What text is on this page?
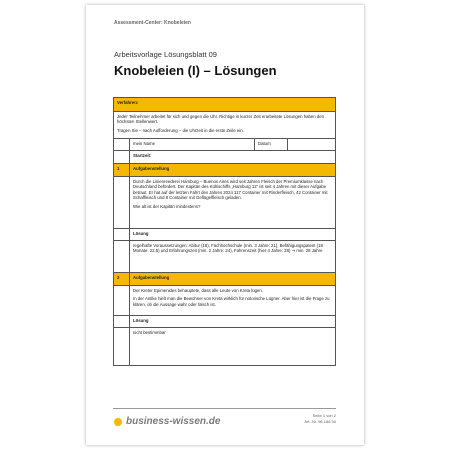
Assessment-Center: Knobeleien
Arbeitsvorlage Lösungsblatt 09
Knobeleien (I) – Lösungen
Verfahren:			

Jeder Teilnehmer arbeitet für sich und gegen die Uhr. Richtige in kurzer Zeit erarbeitete Lösungen haben den höchsten Stellenwert.
Tragen Sie – nach Aufforderung – die Uhrzeit in die erste Zeile ein.			

	mein Name	Datum	
	Startzeit:		
1	Aufgabenstellung		

	Durch die Linienreederei Hamburg – Buenos Aires wird seit Jahren Fleisch der Premiumklasse nach Deutschland befördert. Der Kapitän des Kühlschiffs „Hamburg 12“ ist seit 4 Jahren mit dieser Aufgabe betraut. Er hat auf der letzten Fahrt des Jahres 2024 117 Container mit Rinderfleisch, 42 Container mit Schaffleisch und 8 Container mit Geflügelfleisch geladen.
Wie alt ist der Kapitän mindestens?		

	Lösung		
	regelhafte Voraussetzungen: Abitur (18), Fachhochschule (min. 3 Jahre: 21), Befähigungspatent (18 Monate: 22,5) und Erfahrungszeit (min. 2 Jahre: 24), Fahrenszeit (hier 4 Jahre: 28) → min. 28 Jahre		
2	Aufgabenstellung		

	Der Kreter Epimenides behauptete, dass alle Leute von Kreta lügen.
In der Antike hielt man die Bewohner von Kreta wirklich für notorische Lügner. Aber hier ist die Frage zu klären, ob die Aussage wahr oder falsch ist.		

	Lösung		
	nicht bestimmbar		
business-wissen.de
Seite 1 von 2
Art.-Nr. 96.186.30
